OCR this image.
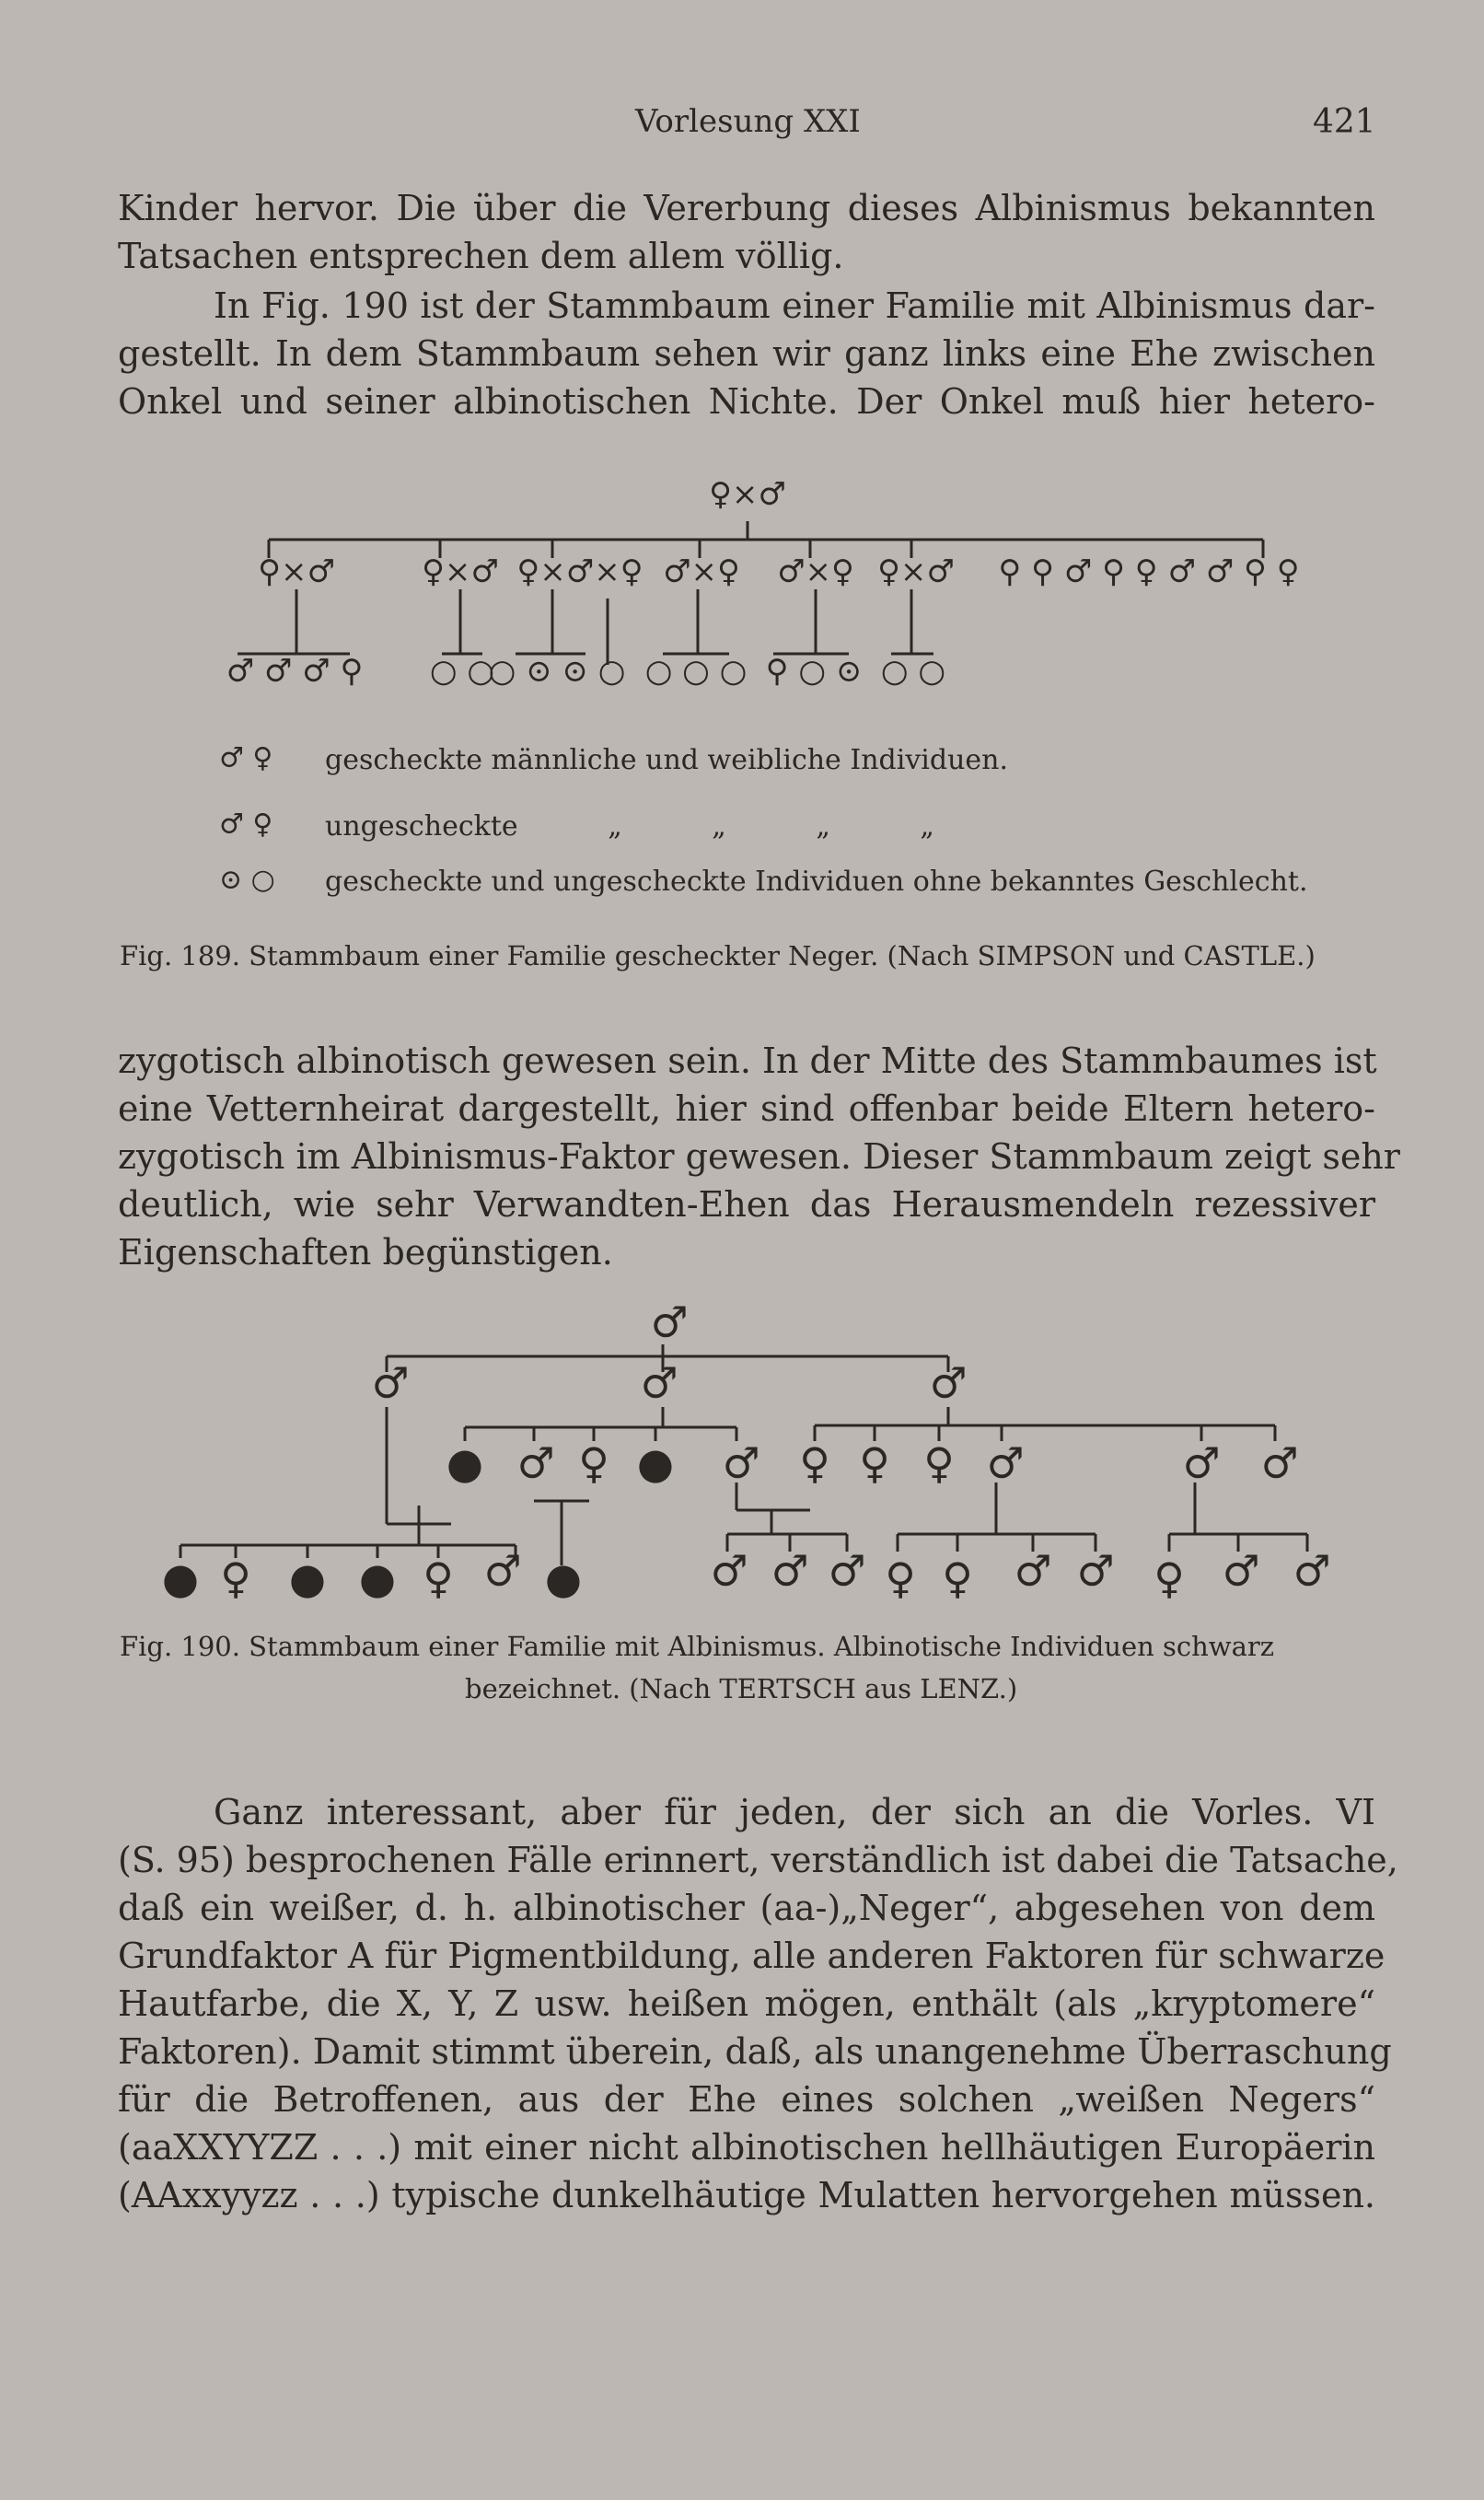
Vorlesung XXI	421
Kinder hervor. Die über die Vererbung dieses Albinismus bekannten
Tatsachen entsprechen dem allem völlig.
In Fig. 190 ist der Stammbaum einer Familie mit Albinismus dar-
gestellt. In dem Stammbaum sehen wir ganz links eine Ehe zwischen
Onkel und seiner albinotischen Nichte. Der Onkel muß hier hetero-
♀×♂
⚲×♂	♀×♂ ♀×♂×♀ ♂×♀ ♂×♀ ♀×♂ ⚲ ⚲ ♂ ⚲ ♀ ♂ ♂ ⚲ ♀
♂ ♂ ♂ ⚲ ○ ○
○ ⊙ ⊙ ○ ○ ○ ○ ⚲ ○ ⊙ ○ ○
♂ ♀	gescheckte männliche und weibliche Individuen.
♂ ♀	ungescheckte „ „ „ „
⊙ ○	gescheckte und ungescheckte Individuen ohne bekanntes Geschlecht.
Fig. 189. Stammbaum einer Familie gescheckter Neger. (Nach SIMPSON und CASTLE.)
zygotisch albinotisch gewesen sein. In der Mitte des Stammbaumes ist
eine Vetternheirat dargestellt, hier sind offenbar beide Eltern hetero-
zygotisch im Albinismus-Faktor gewesen. Dieser Stammbaum zeigt sehr
deutlich, wie sehr Verwandten-Ehen das Herausmendeln rezessiver
Eigenschaften begünstigen.
♂
♂	♂	♂
● ♂ ♀ ● ♂ ♀ ♀ ♀ ♂	♂ ♂
● ♀ ● ● ♀ ♂ ●	♂ ♂ ♂ ♀ ♀ ♂ ♂ ♀ ♂ ♂
Fig. 190. Stammbaum einer Familie mit Albinismus. Albinotische Individuen schwarz
bezeichnet. (Nach TERTSCH aus LENZ.)
Ganz interessant, aber für jeden, der sich an die Vorles. VI
(S. 95) besprochenen Fälle erinnert, verständlich ist dabei die Tatsache,
daß ein weißer, d. h. albinotischer (aa-)„Neger“, abgesehen von dem
Grundfaktor A für Pigmentbildung, alle anderen Faktoren für schwarze
Hautfarbe, die X, Y, Z usw. heißen mögen, enthält (als „kryptomere“
Faktoren). Damit stimmt überein, daß, als unangenehme Überraschung
für die Betroffenen, aus der Ehe eines solchen „weißen Negers“
(aaXXYYZZ . . .) mit einer nicht albinotischen hellhäutigen Europäerin
(AAxxyyzz . . .) typische dunkelhäutige Mulatten hervorgehen müssen.
